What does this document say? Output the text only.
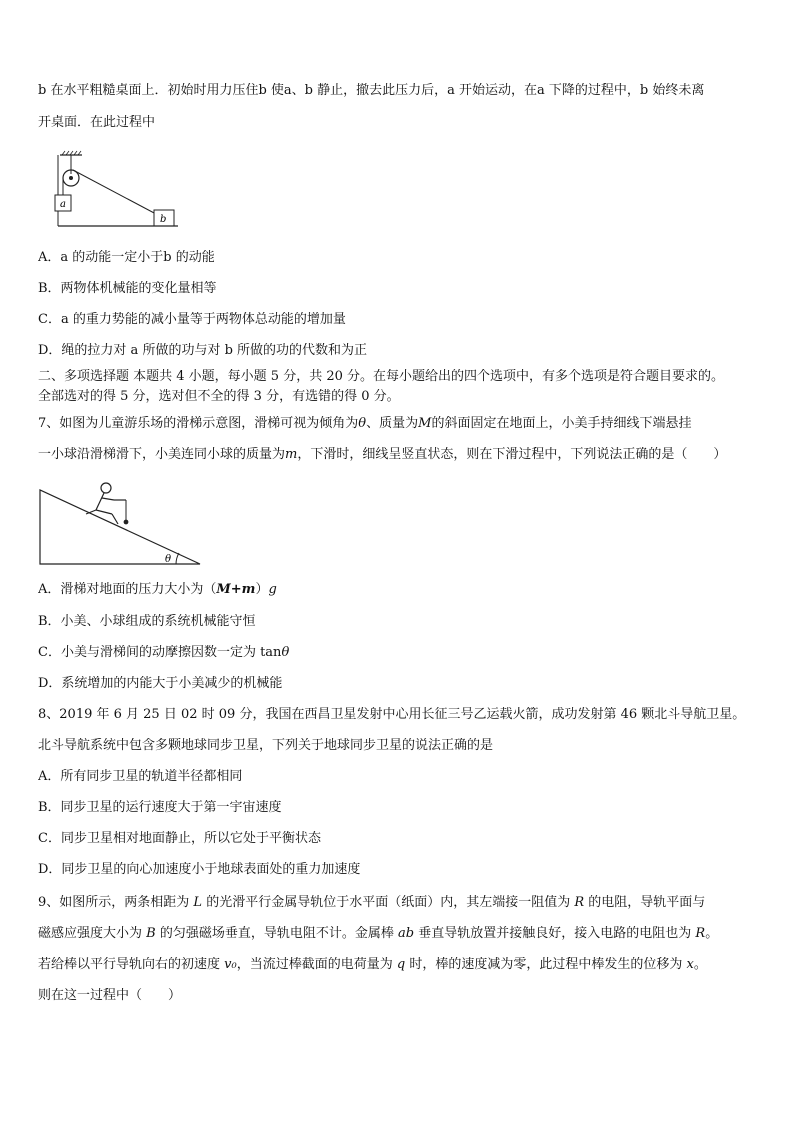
b 在水平粗糙桌面上．初始时用力压住b 使a、b 静止，撤去此压力后，a 开始运动，在a 下降的过程中，b 始终未离
开桌面．在此过程中
a
b
A．a 的动能一定小于b 的动能
B．两物体机械能的变化量相等
C．a 的重力势能的减小量等于两物体总动能的增加量
D．绳的拉力对 a 所做的功与对 b 所做的功的代数和为正
二、多项选择题 本题共 4 小题，每小题 5 分，共 20 分。在每小题给出的四个选项中，有多个选项是符合题目要求的。
全部选对的得 5 分，选对但不全的得 3 分，有选错的得 0 分。
7、如图为儿童游乐场的滑梯示意图，滑梯可视为倾角为θ、质量为M的斜面固定在地面上，小美手持细线下端悬挂
一小球沿滑梯滑下，小美连同小球的质量为m，下滑时，细线呈竖直状态，则在下滑过程中，下列说法正确的是（　　）
θ
A．滑梯对地面的压力大小为（M+m）g
B．小美、小球组成的系统机械能守恒
C．小美与滑梯间的动摩擦因数一定为 tanθ
D．系统增加的内能大于小美减少的机械能
8、2019 年 6 月 25 日 02 时 09 分，我国在西昌卫星发射中心用长征三号乙运载火箭，成功发射第 46 颗北斗导航卫星。
北斗导航系统中包含多颗地球同步卫星，下列关于地球同步卫星的说法正确的是
A．所有同步卫星的轨道半径都相同
B．同步卫星的运行速度大于第一宇宙速度
C．同步卫星相对地面静止，所以它处于平衡状态
D．同步卫星的向心加速度小于地球表面处的重力加速度
9、如图所示，两条相距为 L 的光滑平行金属导轨位于水平面（纸面）内，其左端接一阻值为 R 的电阻，导轨平面与
磁感应强度大小为 B 的匀强磁场垂直，导轨电阻不计。金属棒 ab 垂直导轨放置并接触良好，接入电路的电阻也为 R。
若给棒以平行导轨向右的初速度 v₀，当流过棒截面的电荷量为 q 时，棒的速度减为零，此过程中棒发生的位移为 x。
则在这一过程中（　　）
